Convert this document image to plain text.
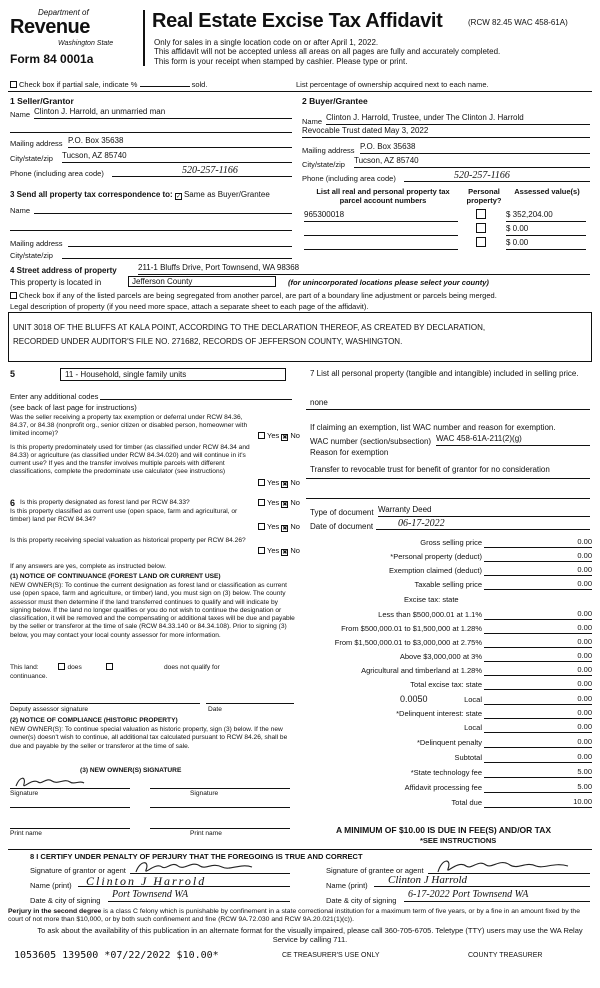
Department of
Revenue
Washington State
Form 84 0001a
Real Estate Excise Tax Affidavit	(RCW 82.45 WAC 458-61A)
Only for sales in a single location code on or after April 1, 2022.
This affidavit will not be accepted unless all areas on all pages are fully and accurately completed.
This form is your receipt when stamped by cashier. Please type or print.
Check box if partial sale, indicate %	sold.	List percentage of ownership acquired next to each name.
1 Seller/Grantor
Name Clinton J. Harrold, an unmarried man
Mailing address P.O. Box 35638
City/state/zip Tucson, AZ 85740
Phone (including area code)	520-257-1166
2 Buyer/Grantee
Name Clinton J. Harrold, Trustee, under The Clinton J. Harrold
Revocable Trust dated May 3, 2022
Mailing address P.O. Box 35638
City/state/zip Tucson, AZ 85740
Phone (including area code)	520-257-1166
3 Send all property tax correspondence to: ✓ Same as Buyer/Grantee
Name
Mailing address
City/state/zip
List all real and personal property tax parcel account numbers
Personal property?
Assessed value(s)
965300018	$ 352,204.00
$ 0.00
$ 0.00
4 Street address of property	211-1 Bluffs Drive, Port Townsend, WA 98368
This property is located in	Jefferson County	(for unincorporated locations please select your county)
Check box if any of the listed parcels are being segregated from another parcel, are part of a boundary line adjustment or parcels being merged.
Legal description of property (if you need more space, attach a separate sheet to each page of the affidavit).
UNIT 3018 OF THE BLUFFS AT KALA POINT, ACCORDING TO THE DECLARATION THEREOF, AS CREATED BY DECLARATION,
RECORDED UNDER AUDITOR'S FILE NO. 271682, RECORDS OF JEFFERSON COUNTY, WASHINGTON.
5	11 - Household, single family units
Enter any additional codes
(see back of last page for instructions)
Was the seller receiving a property tax exemption or deferral under RCW 84.36, 84.37, or 84.38 (nonprofit org., senior citizen or disabled person, homeowner with limited income)?	Yes ✖ No
Is this property predominately used for timber (as classified under RCW 84.34 and 84.33) or agriculture (as classified under RCW 84.34.020) and will continue in it's current use? If yes and the transfer involves multiple parcels with different classifications, complete the predominate use calculator (see instructions)
Yes ✖ No
6 Is this property designated as forest land per RCW 84.33?	Yes ✖ No
Is this property classified as current use (open space, farm and agricultural, or timber) land per RCW 84.34?
Yes ✖ No
Is this property receiving special valuation as historical property per RCW 84.26?
Yes ✖ No
If any answers are yes, complete as instructed below.
(1) NOTICE OF CONTINUANCE (FOREST LAND OR CURRENT USE)
NEW OWNER(S): To continue the current designation as forest land or classification as current use (open space, farm and agriculture, or timber) land, you must sign on (3) below. The county assessor must then determine if the land transferred continues to qualify and will indicate by signing below. If the land no longer qualifies or you do not wish to continue the designation or classification, it will be removed and the compensating or additional taxes will be due and payable by the seller or transferor at the time of sale (RCW 84.33.140 or 84.34.108). Prior to signing (3) below, you may contact your local county assessor for more information.
This land:	does	does not qualify for continuance.
Deputy assessor signature	Date
(2) NOTICE OF COMPLIANCE (HISTORIC PROPERTY)
NEW OWNER(S): To continue special valuation as historic property, sign (3) below. If the new owner(s) doesn't wish to continue, all additional tax calculated pursuant to RCW 84.26, shall be due and payable by the seller or transferor at the time of sale.
(3) NEW OWNER(S) SIGNATURE
Signature	Signature
Print name	Print name
7 List all personal property (tangible and intangible) included in selling price.
none
If claiming an exemption, list WAC number and reason for exemption.
WAC number (section/subsection) WAC 458-61A-211(2)(g)
Reason for exemption
Transfer to revocable trust for benefit of grantor for no consideration
Type of document Warranty Deed
Date of document	06-17-2022
Gross selling price	0.00
*Personal property (deduct)	0.00
Exemption claimed (deduct)	0.00
Taxable selling price	0.00
Excise tax: state
Less than $500,000.01 at 1.1%	0.00
From $500,000.01 to $1,500,000 at 1.28%	0.00
From $1,500,000.01 to $3,000,000 at 2.75%	0.00
Above $3,000,000 at 3%	0.00
Agricultural and timberland at 1.28%	0.00
Total excise tax: state	0.00
0.0050	Local	0.00
*Delinquent interest: state	0.00
Local	0.00
*Delinquent penalty	0.00
Subtotal	0.00
*State technology fee	5.00
Affidavit processing fee	5.00
Total due	10.00
A MINIMUM OF $10.00 IS DUE IN FEE(S) AND/OR TAX
*SEE INSTRUCTIONS
8 I CERTIFY UNDER PENALTY OF PERJURY THAT THE FOREGOING IS TRUE AND CORRECT
Signature of grantor or agent
Name (print)	Clinton J Harrold
Date & city of signing
Port Townsend WA
Signature of grantee or agent
Name (print)	Clinton J Harrold
Date & city of signing
6-17-2022 Port Townsend WA
Perjury in the second degree is a class C felony which is punishable by confinement in a state correctional institution for a maximum term of five years, or by a fine in an amount fixed by the court of not more than $10,000, or by both such confinement and fine (RCW 9A.72.030 and RCW 9A.20.021(1)(c)).
To ask about the availability of this publication in an alternate format for the visually impaired, please call 360-705-6705. Teletype (TTY) users may use the WA Relay Service by calling 711.
1053605 139500 *07/22/2022 $10.00*	CE TREASURER'S USE ONLY	COUNTY TREASURER
